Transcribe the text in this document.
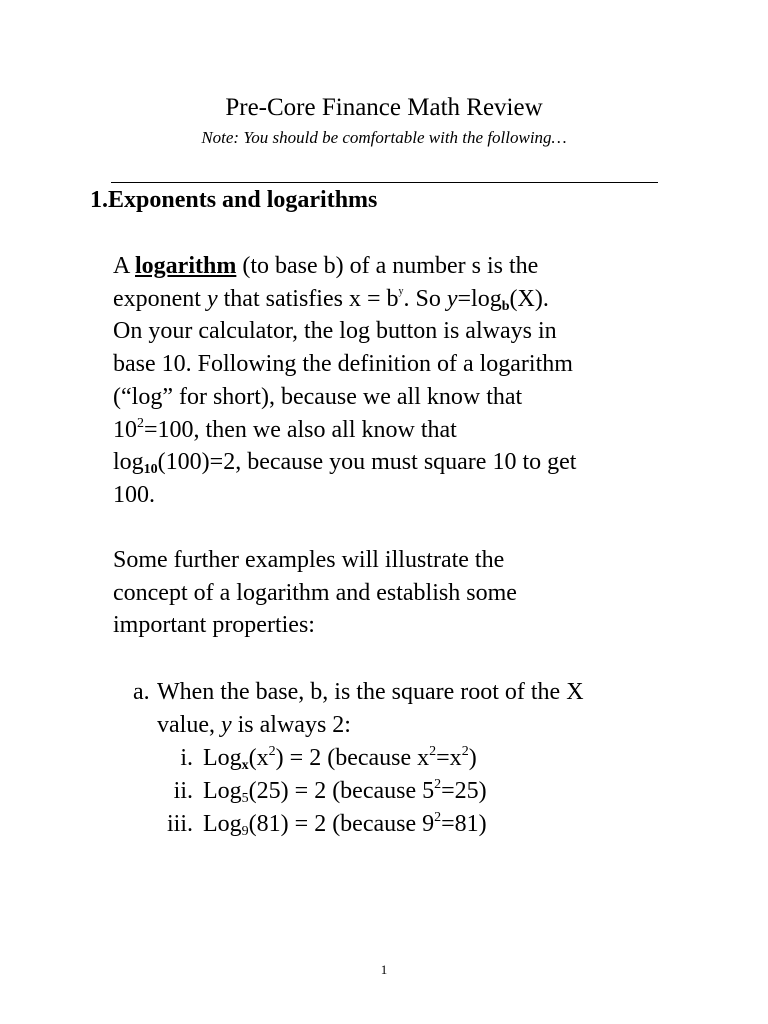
Pre-Core Finance Math Review
Note: You should be comfortable with the following…
1.Exponents and logarithms
A logarithm (to base b) of a number s is the
exponent y that satisfies $x = b^y$. So y=logb(X).
On your calculator, the log button is always in
base 10. Following the definition of a logarithm
(“log” for short), because we all know that
$10^2=100$, then we also all know that
log10(100)=2, because you must square 10 to get
100.
Some further examples will illustrate the
concept of a logarithm and establish some
important properties:
a. When the base, b, is the square root of the X
value, y is always 2:
i. $Logx(x^2) = 2$ (because $x^2=x^2$)
ii. Log$_5$(25) = 2 (because $5^2=25$)
iii. Log$_9$(81) = 2 (because $9^2=81$)
1
